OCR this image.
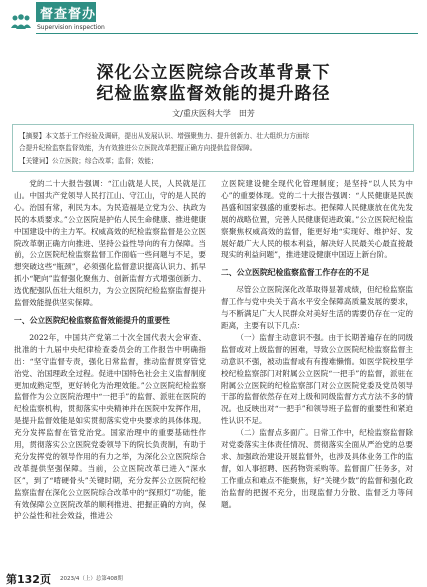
督查督办
Supervision inspection
深化公立医院综合改革背景下
纪检监察监督效能的提升路径
文/重庆医科大学　田芳
【摘要】本文基于工作经验及调研，提出从发展认识、增强聚焦力、提升创新力、壮大组织力方面综
合提升纪检监察监督效能，为有效推进公立医院改革把握正确方向提供监督保障。
【关键词】公立医院；综合改革；监督；效能；

党的二十大报告强调：“江山就是人民，人民就是江山。中国共产党领导人民打江山、守江山，守的是人民的心。治国有常，利民为本。为民造福是立党为公、执政为民的本质要求。”公立医院是护佑人民生命健康、推进健康中国建设中的主力军。权威高效的纪检监察监督是公立医院改革朝正确方向推进、坚持公益性导向的有力保障。当前，公立医院纪检监察监督工作面临一些问题与不足，要想突破这些“瓶颈”，必须强化监督意识提高认识力、抓早抓小“靶向”监督强化聚焦力、创新监督方式增强创新力、选优配强队伍壮大组织力，为公立医院纪检监察监督提升监督效能提供坚实保障。

一、公立医院纪检监察监督效能提升的重要性

2022年，中国共产党第二十次全国代表大会审查、批准的十九届中央纪律检查委员会的工作报告中明确指出：“坚守监督专责，强化日常监督，推动监督贯穿管党治党、治国理政全过程。促进中国特色社会主义监督制度更加成熟定型，更好转化为治理效能。”公立医院纪检监察监督作为公立医院治理中“一把手”的监督、派驻在医院的纪检监察机构，贯彻落实中央精神并在医院中发挥作用，是提升监督效能是如实贯彻落实党中央要求的具体体现。充分发挥监督在管党治党。国家治理中的重要基础性作用，贯彻落实公立医院党委领导下的院长负责制，有助于充分发挥党的领导作用的有力之举，为深化公立医院综合改革提供坚强保障。当前，公立医院改革已进入“深水区”，到了“啃硬骨头”关键时期，充分发挥公立医院纪检监察监督在深化公立医院综合改革中的“探照灯”功能，能有效保障公立医院改革的顺利推进、把握正确的方向，保护公益性和社会效益，推进公

立医院建设健全现代化管理制度；是坚持“以人民为中心”的重要体现。党的二十大报告强调：“人民健康是民族昌盛和国家强盛的重要标志。把保障人民健康放在优先发展的战略位置，完善人民健康促进政策。”公立医院纪检监察聚焦权威高效的监督，能更好地“实现好、维护好、发展好最广大人民的根本利益，解决好人民最关心最直接最现实的利益问题”，推进建设健康中国迈上新台阶。

二、公立医院纪检监察监督工作存在的不足

尽管公立医院深化改革取得显著成绩，但纪检监察监督工作与党中央关于高水平安全保障高质量发展的要求，与不断满足广大人民群众对美好生活的需要仍存在一定的距离，主要有以下几点：

（一）监督主动意识不强。由于长期普遍存在的同级监督或对上级监督的困难，导致公立医院纪检监察监督主动意识不强，被动监督或有有搜难懒惰。如医学院校里学校纪检监察部门对附属公立医院“一把手”的监督，派驻在附属公立医院的纪检监察部门对公立医院党委及党员领导干部的监督依然存在对上级和同级监督方式方法不多的情况。也反映出对“一把手”和领导班子监督的重要性和紧迫性认识不足。

（二）监督点多面广。日常工作中，纪检监察监督除对党委落实主体责任情况、贯彻落实全面从严治党的总要求、加强政治建设开展监督外，也涉及具体业务工作的监督，如人事招聘、医药物资采购等。监督面广任务多，对工作重点和难点不能聚焦，好“关键少数”的监督和强化政治监督的把握不充分，出现监督力分散、监督乏力等问题。

第132页 2023/4（上）总第408期
